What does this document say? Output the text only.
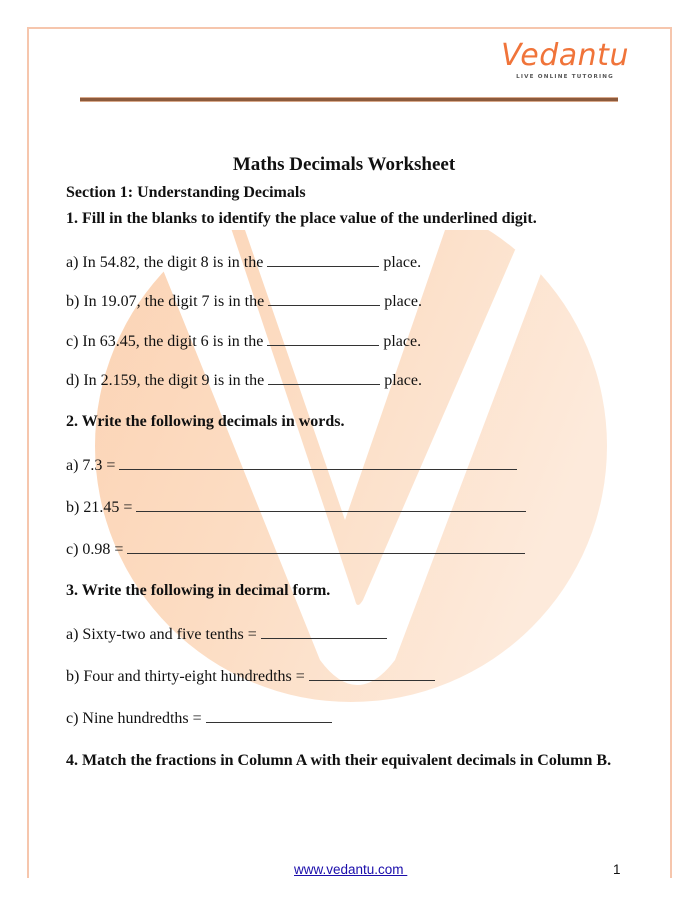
Vedantu
LIVE ONLINE TUTORING
Maths Decimals Worksheet
Section 1: Understanding Decimals
1. Fill in the blanks to identify the place value of the underlined digit.
a) In 54.82, the digit 8 is in the	place.
b) In 19.07, the digit 7 is in the	place.
c) In 63.45, the digit 6 is in the	place.
d) In 2.159, the digit 9 is in the	place.
2. Write the following decimals in words.
a) 7.3 =
b) 21.45 =
c) 0.98 =
3. Write the following in decimal form.
a) Sixty-two and five tenths =
b) Four and thirty-eight hundredths =
c) Nine hundredths =
4. Match the fractions in Column A with their equivalent decimals in Column B.
www.vedantu.com	1
